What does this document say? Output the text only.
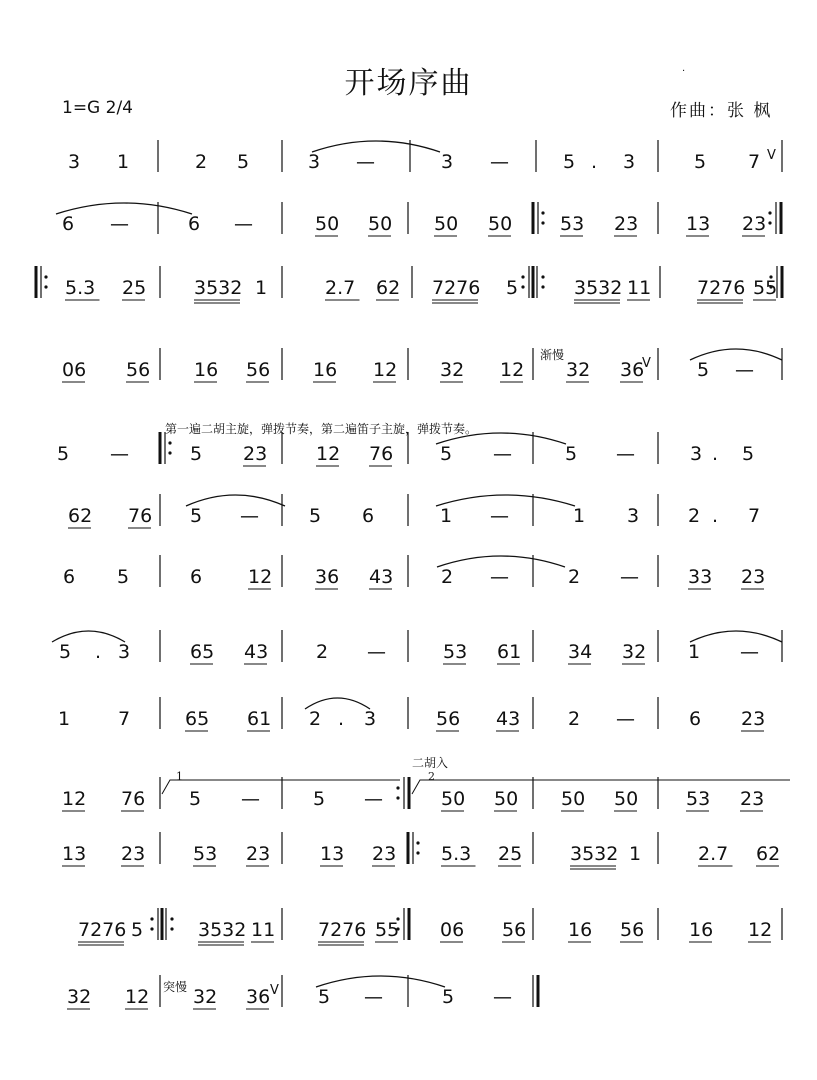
开场序曲
1=G 2/4	作曲：张 枫
·
3 1	2 5	3 —	3 —	5 . 3	5 7 V
6 —	6 —	50 50 50 50	53 23	13 23
5.3 25	3532 1	2.7 62 7276 5	3532 11 7276 55
06 56 16 56 16 12 32 12 32 36
V 5 —
5 —	5 23	12 76 5 —	5 —	3 . 5
62 76 5 —	5 6	1 —	1 3	2 . 7
6 5	6 12 36 43	2 —	2 —	33 23
5 . 3	65 43	2 —	53 61 34 32 1 —
1	7	65 61 2 . 3	56 43	2 —	6 23
12 76 5 —	5 —	50 50 50 50	53 23
13 23	53 23	13 23 5.3 25	3532 1	2.7 62
7276 5	3532 11 7276 55 06 56 16 56 16 12
32 12 32 36 V 5 —	5 —
渐慢
第一遍二胡主旋，弹拨节奏，第二遍笛子主旋，弹拨节奏。
1	2
二胡入
突慢
